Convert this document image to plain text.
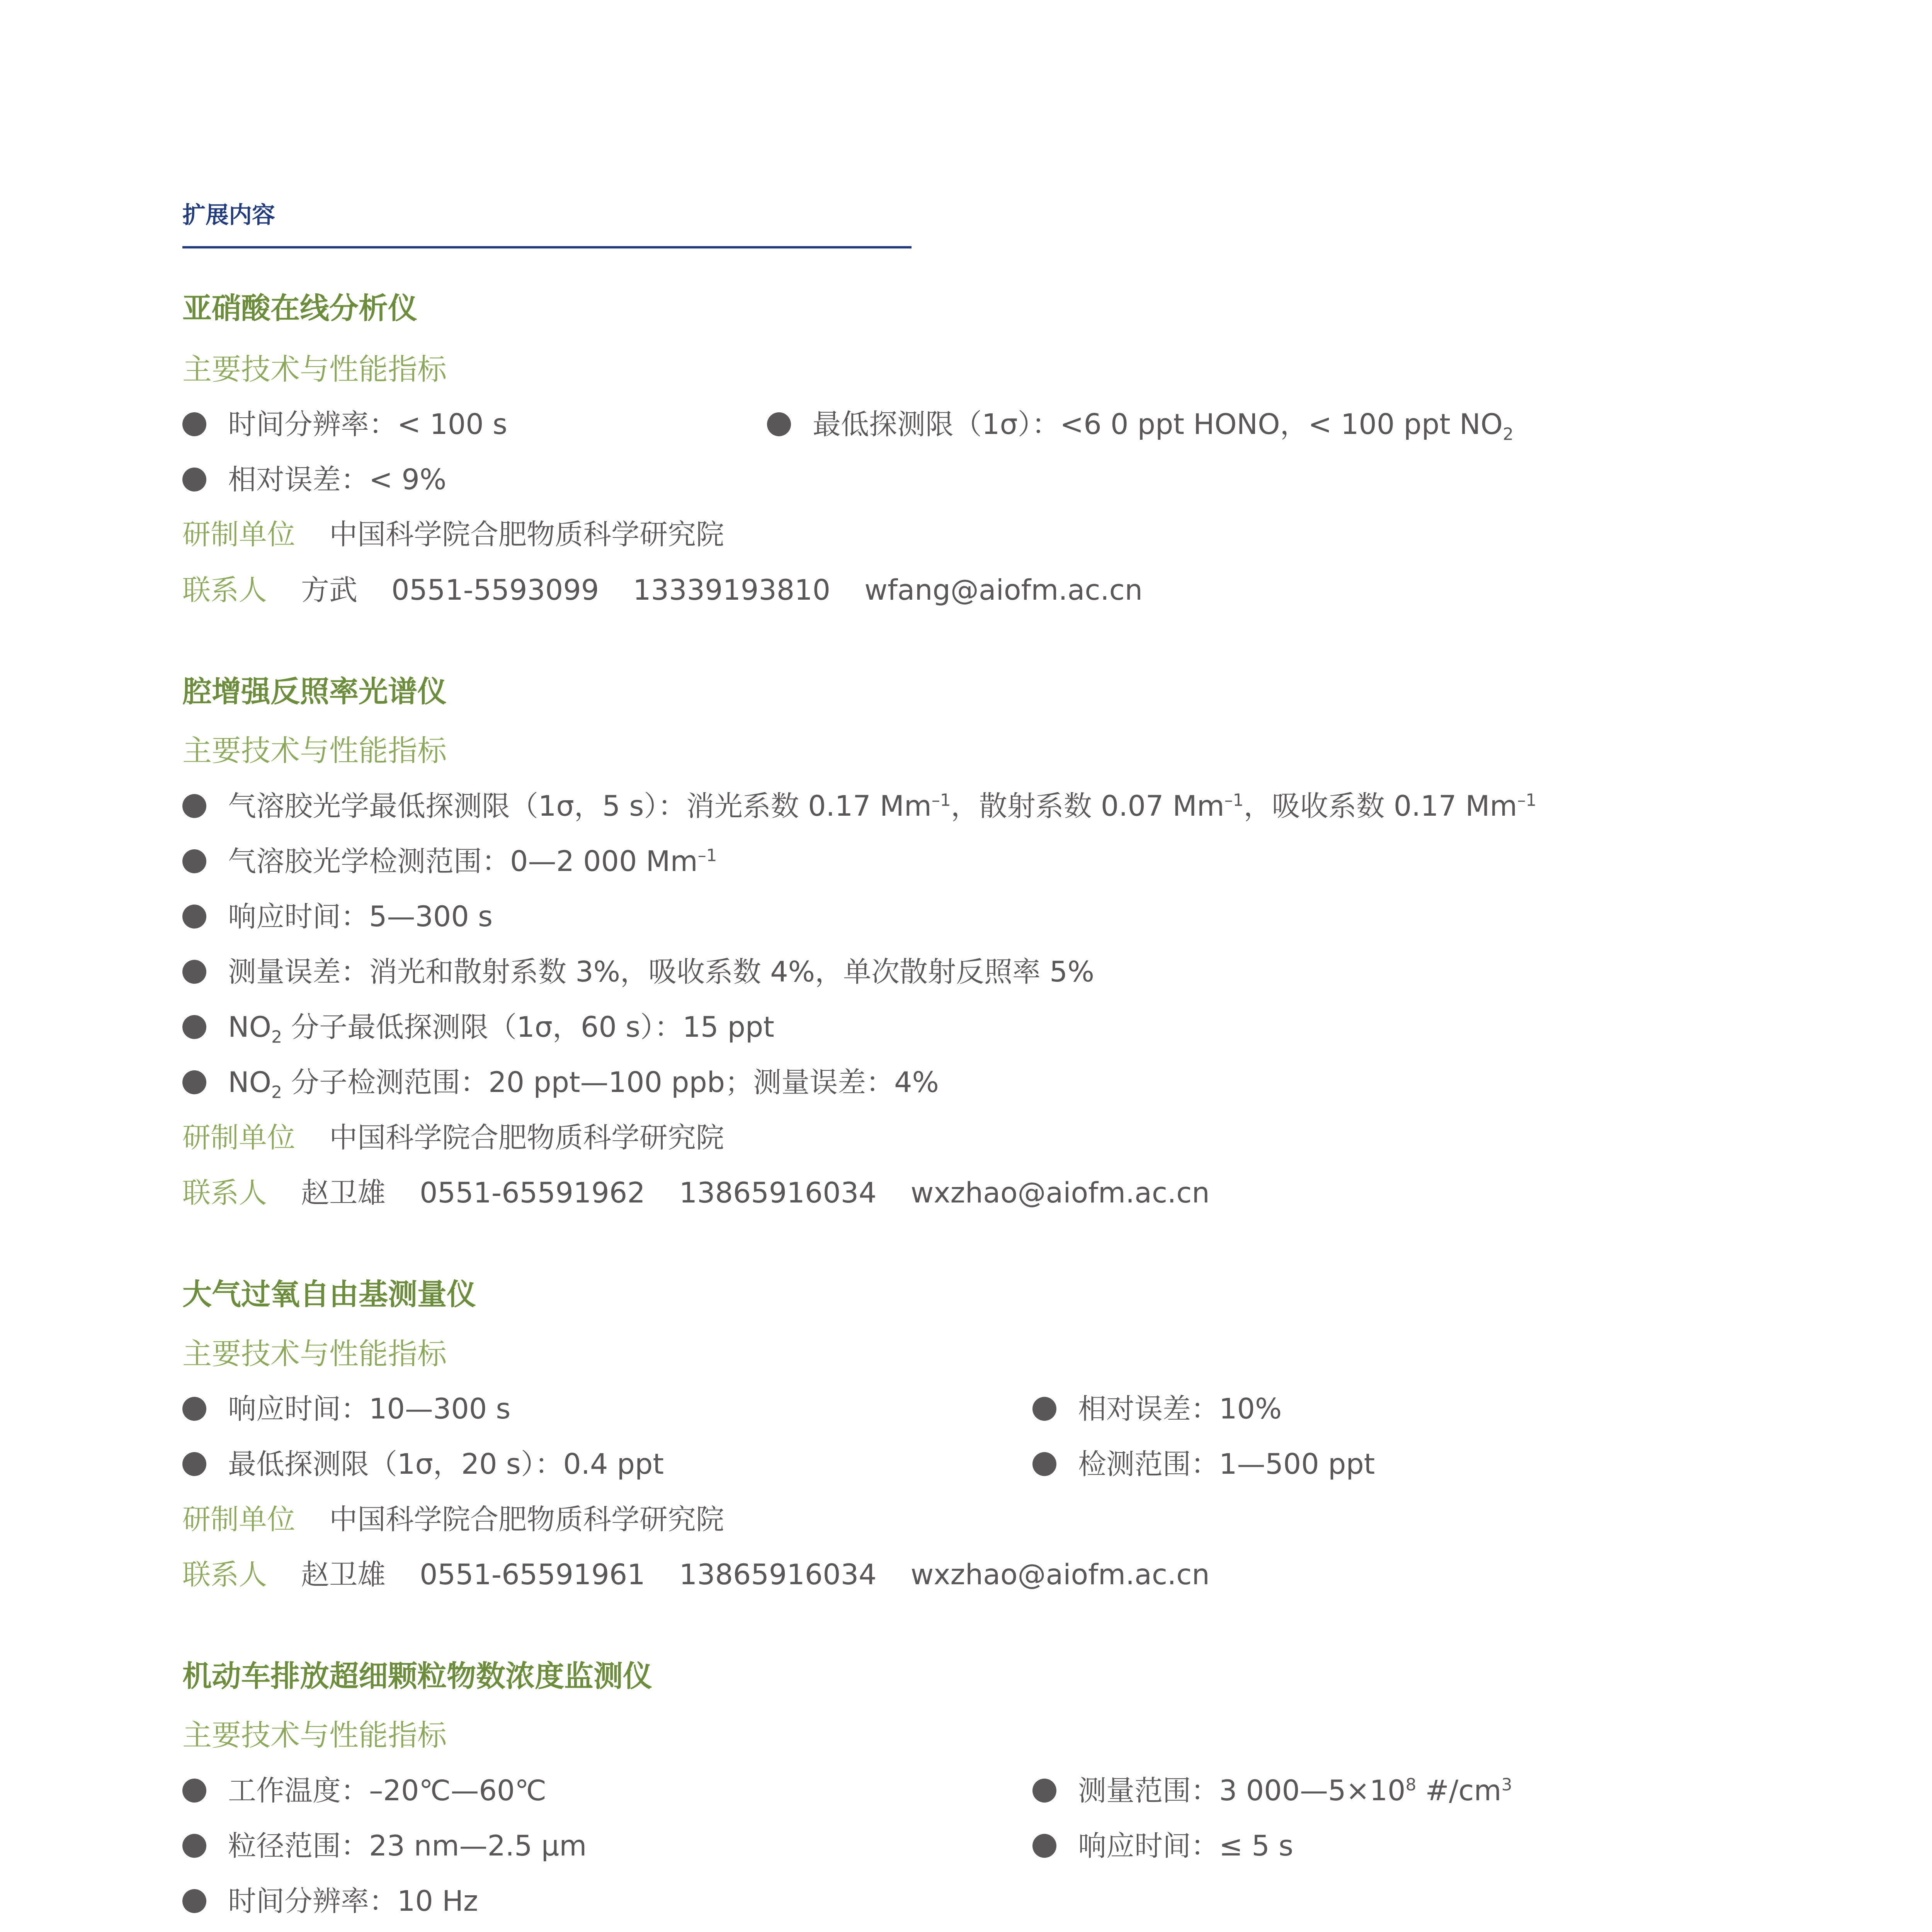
扩展内容
亚硝酸在线分析仪
主要技术与性能指标
时间分辨率：< 100 s	最低探测限（1σ）：<6 0 ppt HONO，< 100 ppt $NO_2$
相对误差：< 9%
研制单位 中国科学院合肥物质科学研究院
联系人 方武 0551-5593099 13339193810 wfang@aiofm.ac.cn
腔增强反照率光谱仪
主要技术与性能指标
气溶胶光学最低探测限（1σ，5 s）：消光系数 0.17 $Mm^{-1}$，散射系数 0.07 $Mm^{-1}$，吸收系数 0.17 $Mm^{-1}$
气溶胶光学检测范围：0—2 000 $Mm^{-1}$
响应时间：5—300 s
测量误差：消光和散射系数 3%，吸收系数 4%，单次散射反照率 5%
$NO_2$ 分子最低探测限（1σ，60 s）：15 ppt
$NO_2$ 分子检测范围：20 ppt—100 ppb；测量误差：4%
研制单位 中国科学院合肥物质科学研究院
联系人 赵卫雄 0551-65591962 13865916034 wxzhao@aiofm.ac.cn
大气过氧自由基测量仪
主要技术与性能指标
响应时间：10—300 s	相对误差：10%
最低探测限（1σ，20 s）：0.4 ppt	检测范围：1—500 ppt
研制单位 中国科学院合肥物质科学研究院
联系人 赵卫雄 0551-65591961 13865916034 wxzhao@aiofm.ac.cn
机动车排放超细颗粒物数浓度监测仪
主要技术与性能指标
工作温度：–20℃—60℃	测量范围：3 $000—5\times 10^8$ $\#/cm^3$
粒径范围：23 nm—2.5 μm	响应时间：≤ 5 s
时间分辨率：10 Hz
